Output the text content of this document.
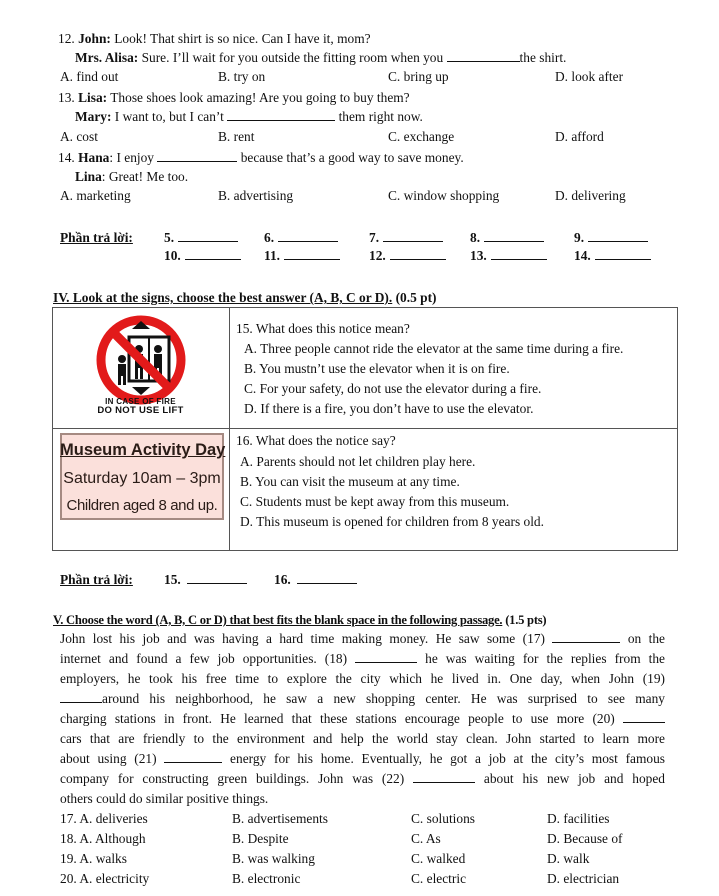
12. John: Look! That shirt is so nice. Can I have it, mom?
Mrs. Alisa: Sure. I’ll wait for you outside the fitting room when you	the shirt.
A. find out	B. try on	C. bring up	D. look after
13. Lisa: Those shoes look amazing! Are you going to buy them?
Mary: I want to, but I can’t	them right now.
A. cost	B. rent	C. exchange	D. afford
14. Hana: I enjoy	because that’s a good way to save money.
Lina: Great! Me too.
A. marketing	B. advertising	C. window shopping	D. delivering
Phần trả lời: 5.	6.	7.	8.	9.
10.	11.	12.	13.	14.
IV. Look at the signs, choose the best answer (A, B, C or D). (0.5 pt)
IN CASE OF FIRE
DO NOT USE LIFT
15. What does this notice mean?
A. Three people cannot ride the elevator at the same time during a fire.
B. You mustn’t use the elevator when it is on fire.
C. For your safety, do not use the elevator during a fire.
D. If there is a fire, you don’t have to use the elevator.
Museum Activity Day
Saturday 10am – 3pm
Children aged 8 and up.
16. What does the notice say?
A. Parents should not let children play here.
B. You can visit the museum at any time.
C. Students must be kept away from this museum.
D. This museum is opened for children from 8 years old.
Phần trả lời: 15.	16.
V. Choose the word (A, B, C or D) that best fits the blank space in the following passage. (1.5 pts)
John lost his job and was having a hard time making money. He saw some (17)	on the
internet and found a few job opportunities. (18)	he was waiting for the replies from the
employers, he took his free time to explore the city which he lived in. One day, when John (19)
around his neighborhood, he saw a new shopping center. He was surprised to see many
charging stations in front. He learned that these stations encourage people to use more (20)
cars that are friendly to the environment and help the world stay clean. John started to learn more
about using (21)	energy for his home. Eventually, he got a job at the city’s most famous
company for constructing green buildings. John was (22)	about his new job and hoped
others could do similar positive things.
17. A. deliveries	B. advertisements	C. solutions	D. facilities
18. A. Although	B. Despite	C. As	D. Because of
19. A. walks	B. was walking	C. walked	D. walk
20. A. electricity	B. electronic	C. electric	D. electrician
